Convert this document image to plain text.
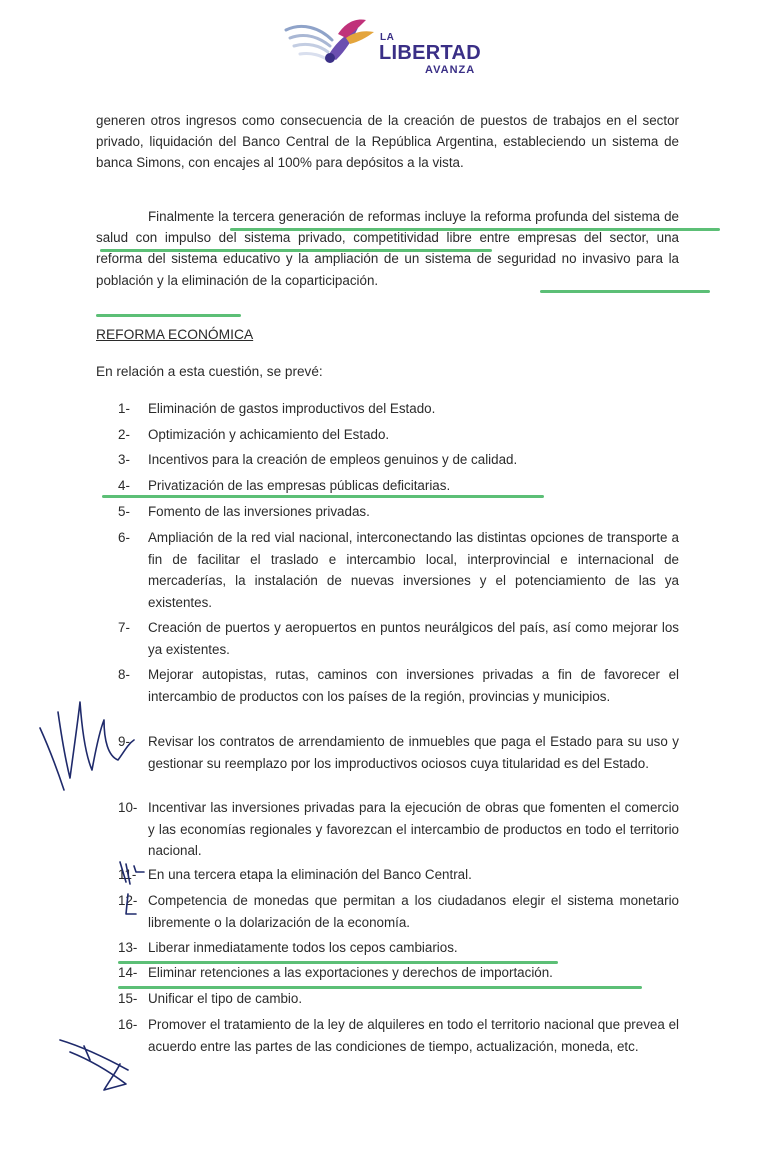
LA
LIBERTAD
AVANZA

generen otros ingresos como consecuencia de la creación de puestos de trabajos en el sector privado, liquidación del Banco Central de la República Argentina, estableciendo un sistema de banca Simons, con encajes al 100% para depósitos a la vista.

Finalmente la tercera generación de reformas incluye la reforma profunda del sistema de salud con impulso del sistema privado, competitividad libre entre empresas del sector, una reforma del sistema educativo y la ampliación de un sistema de seguridad no invasivo para la población y la eliminación de la coparticipación.

REFORMA ECONÓMICA
En relación a esta cuestión, se prevé:
1-	Eliminación de gastos improductivos del Estado.
2-	Optimización y achicamiento del Estado.
3-	Incentivos para la creación de empleos genuinos y de calidad.
4-	Privatización de las empresas públicas deficitarias.
5-	Fomento de las inversiones privadas.
6-	Ampliación de la red vial nacional, interconectando las distintas opciones de transporte a fin de facilitar el traslado e intercambio local, interprovincial e internacional de mercaderías, la instalación de nuevas inversiones y el potenciamiento de las ya existentes.
7-	Creación de puertos y aeropuertos en puntos neurálgicos del país, así como mejorar los ya existentes.
8-	Mejorar autopistas, rutas, caminos con inversiones privadas a fin de favorecer el intercambio de productos con los países de la región, provincias y municipios.
9-	Revisar los contratos de arrendamiento de inmuebles que paga el Estado para su uso y gestionar su reemplazo por los improductivos ociosos cuya titularidad es del Estado.
10- Incentivar las inversiones privadas para la ejecución de obras que fomenten el comercio y las economías regionales y favorezcan el intercambio de productos en todo el territorio nacional.
11- En una tercera etapa la eliminación del Banco Central.
12- Competencia de monedas que permitan a los ciudadanos elegir el sistema monetario libremente o la dolarización de la economía.
13- Liberar inmediatamente todos los cepos cambiarios.
14- Eliminar retenciones a las exportaciones y derechos de importación.
15- Unificar el tipo de cambio.
16- Promover el tratamiento de la ley de alquileres en todo el territorio nacional que prevea el acuerdo entre las partes de las condiciones de tiempo, actualización, moneda, etc.
